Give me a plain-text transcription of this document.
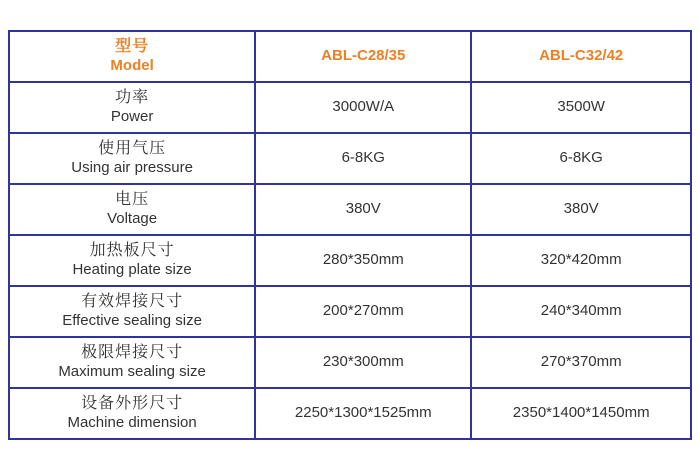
型号
Model	ABL-C28/35	ABL-C32/42

功率
Power	3000W/A	3500W

使用气压
Using air pressure	6-8KG	6-8KG

电压
Voltage	380V	380V

加热板尺寸
Heating plate size	280*350mm	320*420mm

有效焊接尺寸
Effective sealing size	200*270mm	240*340mm

极限焊接尺寸
Maximum sealing size	230*300mm	270*370mm

设备外形尺寸
Machine dimension	2250*1300*1525mm	2350*1400*1450mm
